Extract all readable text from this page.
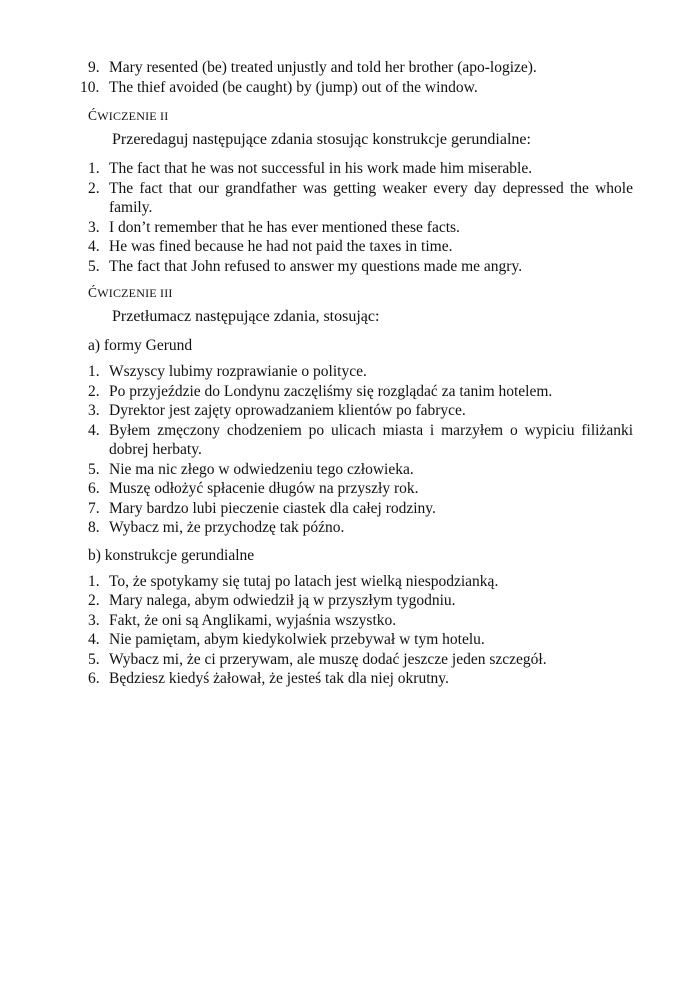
9. Mary resented (be) treated unjustly and told her brother (apo-logize).
10. The thief avoided (be caught) by (jump) out of the window.
ĆWICZENIE II
Przeredaguj następujące zdania stosując konstrukcje gerundialne:
1. The fact that he was not successful in his work made him miserable.
2. The fact that our grandfather was getting weaker every day depressed the whole family.
3. I don’t remember that he has ever mentioned these facts.
4. He was fined because he had not paid the taxes in time.
5. The fact that John refused to answer my questions made me angry.
ĆWICZENIE III
Przetłumacz następujące zdania, stosując:
a) formy Gerund
1. Wszyscy lubimy rozprawianie o polityce.
2. Po przyjeździe do Londynu zaczęliśmy się rozglądać za tanim hotelem.
3. Dyrektor jest zajęty oprowadzaniem klientów po fabryce.
4. Byłem zmęczony chodzeniem po ulicach miasta i marzyłem o wypiciu filiżanki dobrej herbaty.
5. Nie ma nic złego w odwiedzeniu tego człowieka.
6. Muszę odłożyć spłacenie długów na przyszły rok.
7. Mary bardzo lubi pieczenie ciastek dla całej rodziny.
8. Wybacz mi, że przychodzę tak późno.
b) konstrukcje gerundialne
1. To, że spotykamy się tutaj po latach jest wielką niespodzianką.
2. Mary nalega, abym odwiedził ją w przyszłym tygodniu.
3. Fakt, że oni są Anglikami, wyjaśnia wszystko.
4. Nie pamiętam, abym kiedykolwiek przebywał w tym hotelu.
5. Wybacz mi, że ci przerywam, ale muszę dodać jeszcze jeden szczegół.
6. Będziesz kiedyś żałował, że jesteś tak dla niej okrutny.
